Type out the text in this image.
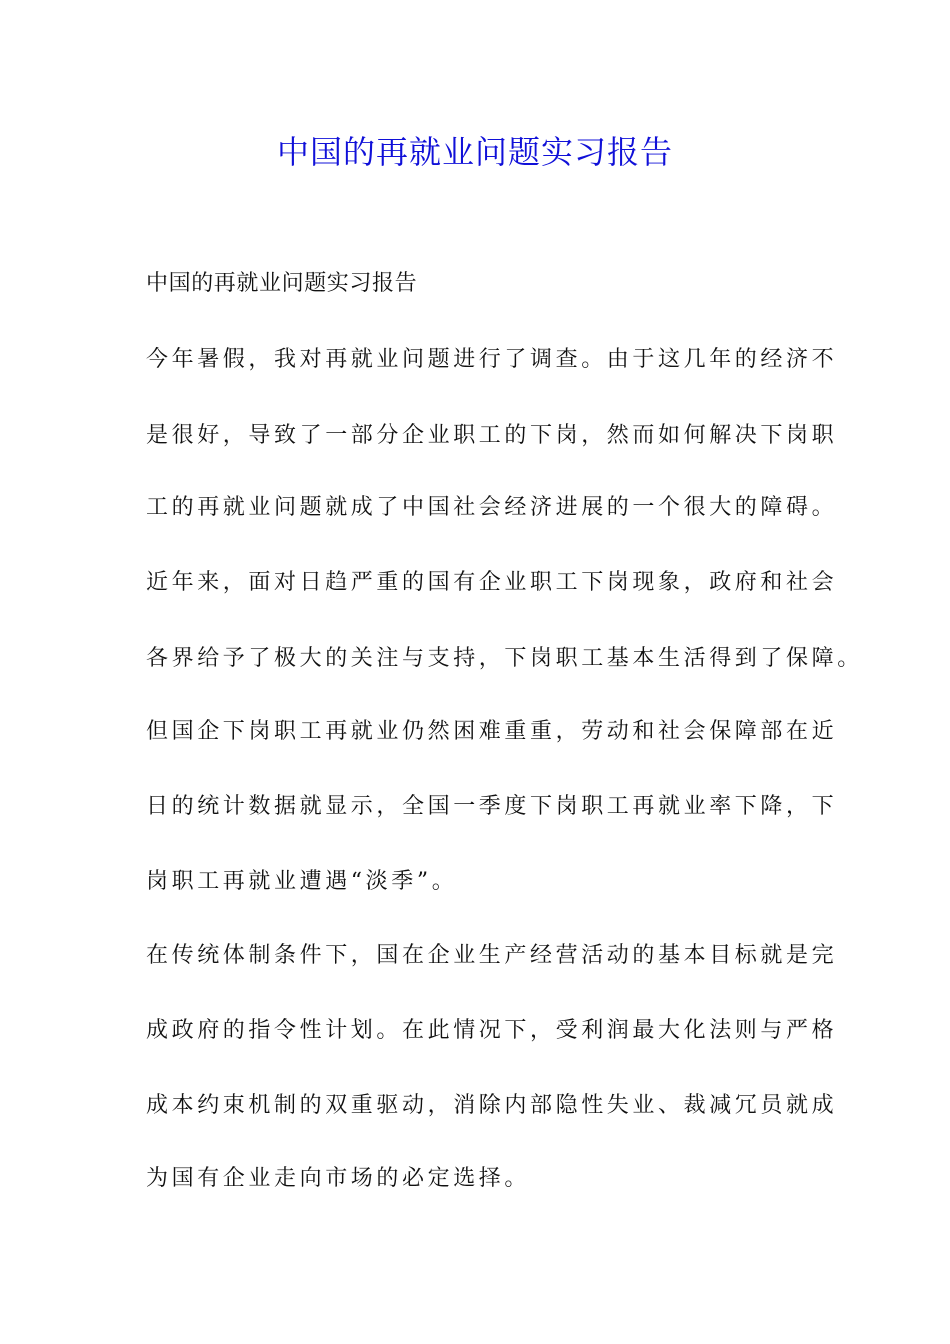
中国的再就业问题实习报告

中国的再就业问题实习报告

今年暑假，我对再就业问题进行了调查。由于这几年的经济不

是很好，导致了一部分企业职工的下岗，然而如何解决下岗职

工的再就业问题就成了中国社会经济进展的一个很大的障碍。

近年来，面对日趋严重的国有企业职工下岗现象，政府和社会

各界给予了极大的关注与支持，下岗职工基本生活得到了保障。

但国企下岗职工再就业仍然困难重重，劳动和社会保障部在近

日的统计数据就显示，全国一季度下岗职工再就业率下降，下

岗职工再就业遭遇“淡季”。

在传统体制条件下，国在企业生产经营活动的基本目标就是完

成政府的指令性计划。在此情况下，受利润最大化法则与严格

成本约束机制的双重驱动，消除内部隐性失业、裁减冗员就成

为国有企业走向市场的必定选择。
